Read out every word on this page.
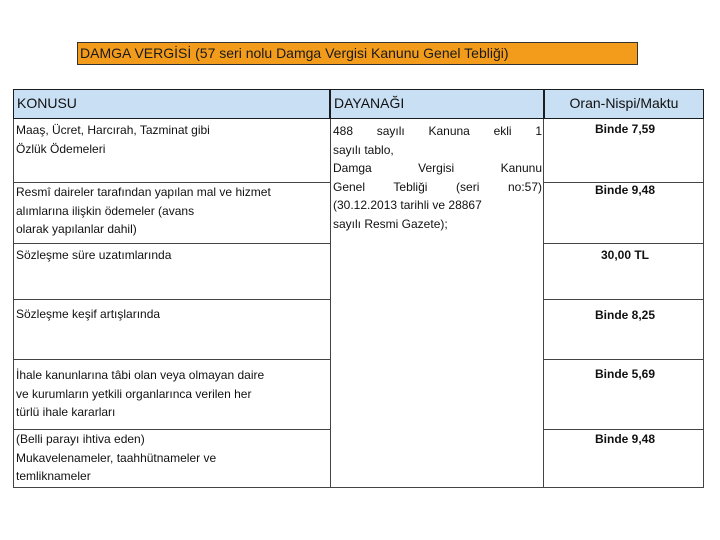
DAMGA VERGİSİ (57 seri nolu Damga Vergisi Kanunu Genel Tebliği)
KONUSU	DAYANAĞI	Oran-Nispi/Maktu
Maaş, Ücret, Harcırah, Tazminat gibi
Özlük Ödemeleri
Resmî daireler tarafından yapılan mal ve hizmet
alımlarına ilişkin ödemeler (avans
olarak yapılanlar dahil)
Sözleşme süre uzatımlarında
Sözleşme keşif artışlarında
İhale kanunlarına tâbi olan veya olmayan daire
ve kurumların yetkili organlarınca verilen her
türlü ihale kararları
(Belli parayı ihtiva eden)
Mukavelenameler, taahhütnameler ve
temliknameler
488 sayılı Kanuna ekli 1
sayılı tablo,
Damga Vergisi Kanunu
Genel Tebliği (seri no:57)
(30.12.2013 tarihli ve 28867
sayılı Resmi Gazete);
Binde 7,59
Binde 9,48
30,00 TL
Binde 8,25
Binde 5,69
Binde 9,48
